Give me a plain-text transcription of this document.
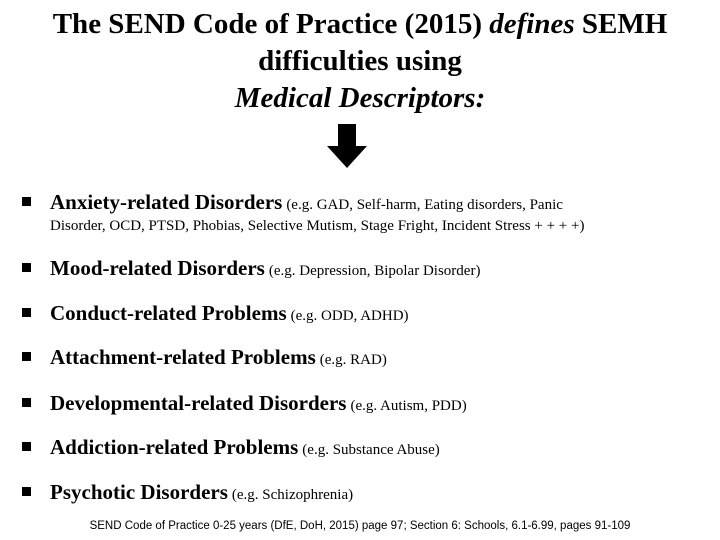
The SEND Code of Practice (2015) defines SEMH
difficulties using
Medical Descriptors:
Anxiety-related Disorders (e.g. GAD, Self-harm, Eating disorders, Panic
Disorder, OCD, PTSD, Phobias, Selective Mutism, Stage Fright, Incident Stress + + + +)
Mood-related Disorders (e.g. Depression, Bipolar Disorder)
Conduct-related Problems (e.g. ODD, ADHD)
Attachment-related Problems (e.g. RAD)
Developmental-related Disorders (e.g. Autism, PDD)
Addiction-related Problems (e.g. Substance Abuse)
Psychotic Disorders (e.g. Schizophrenia)
SEND Code of Practice 0-25 years (DfE, DoH, 2015) page 97; Section 6: Schools, 6.1-6.99, pages 91-109
